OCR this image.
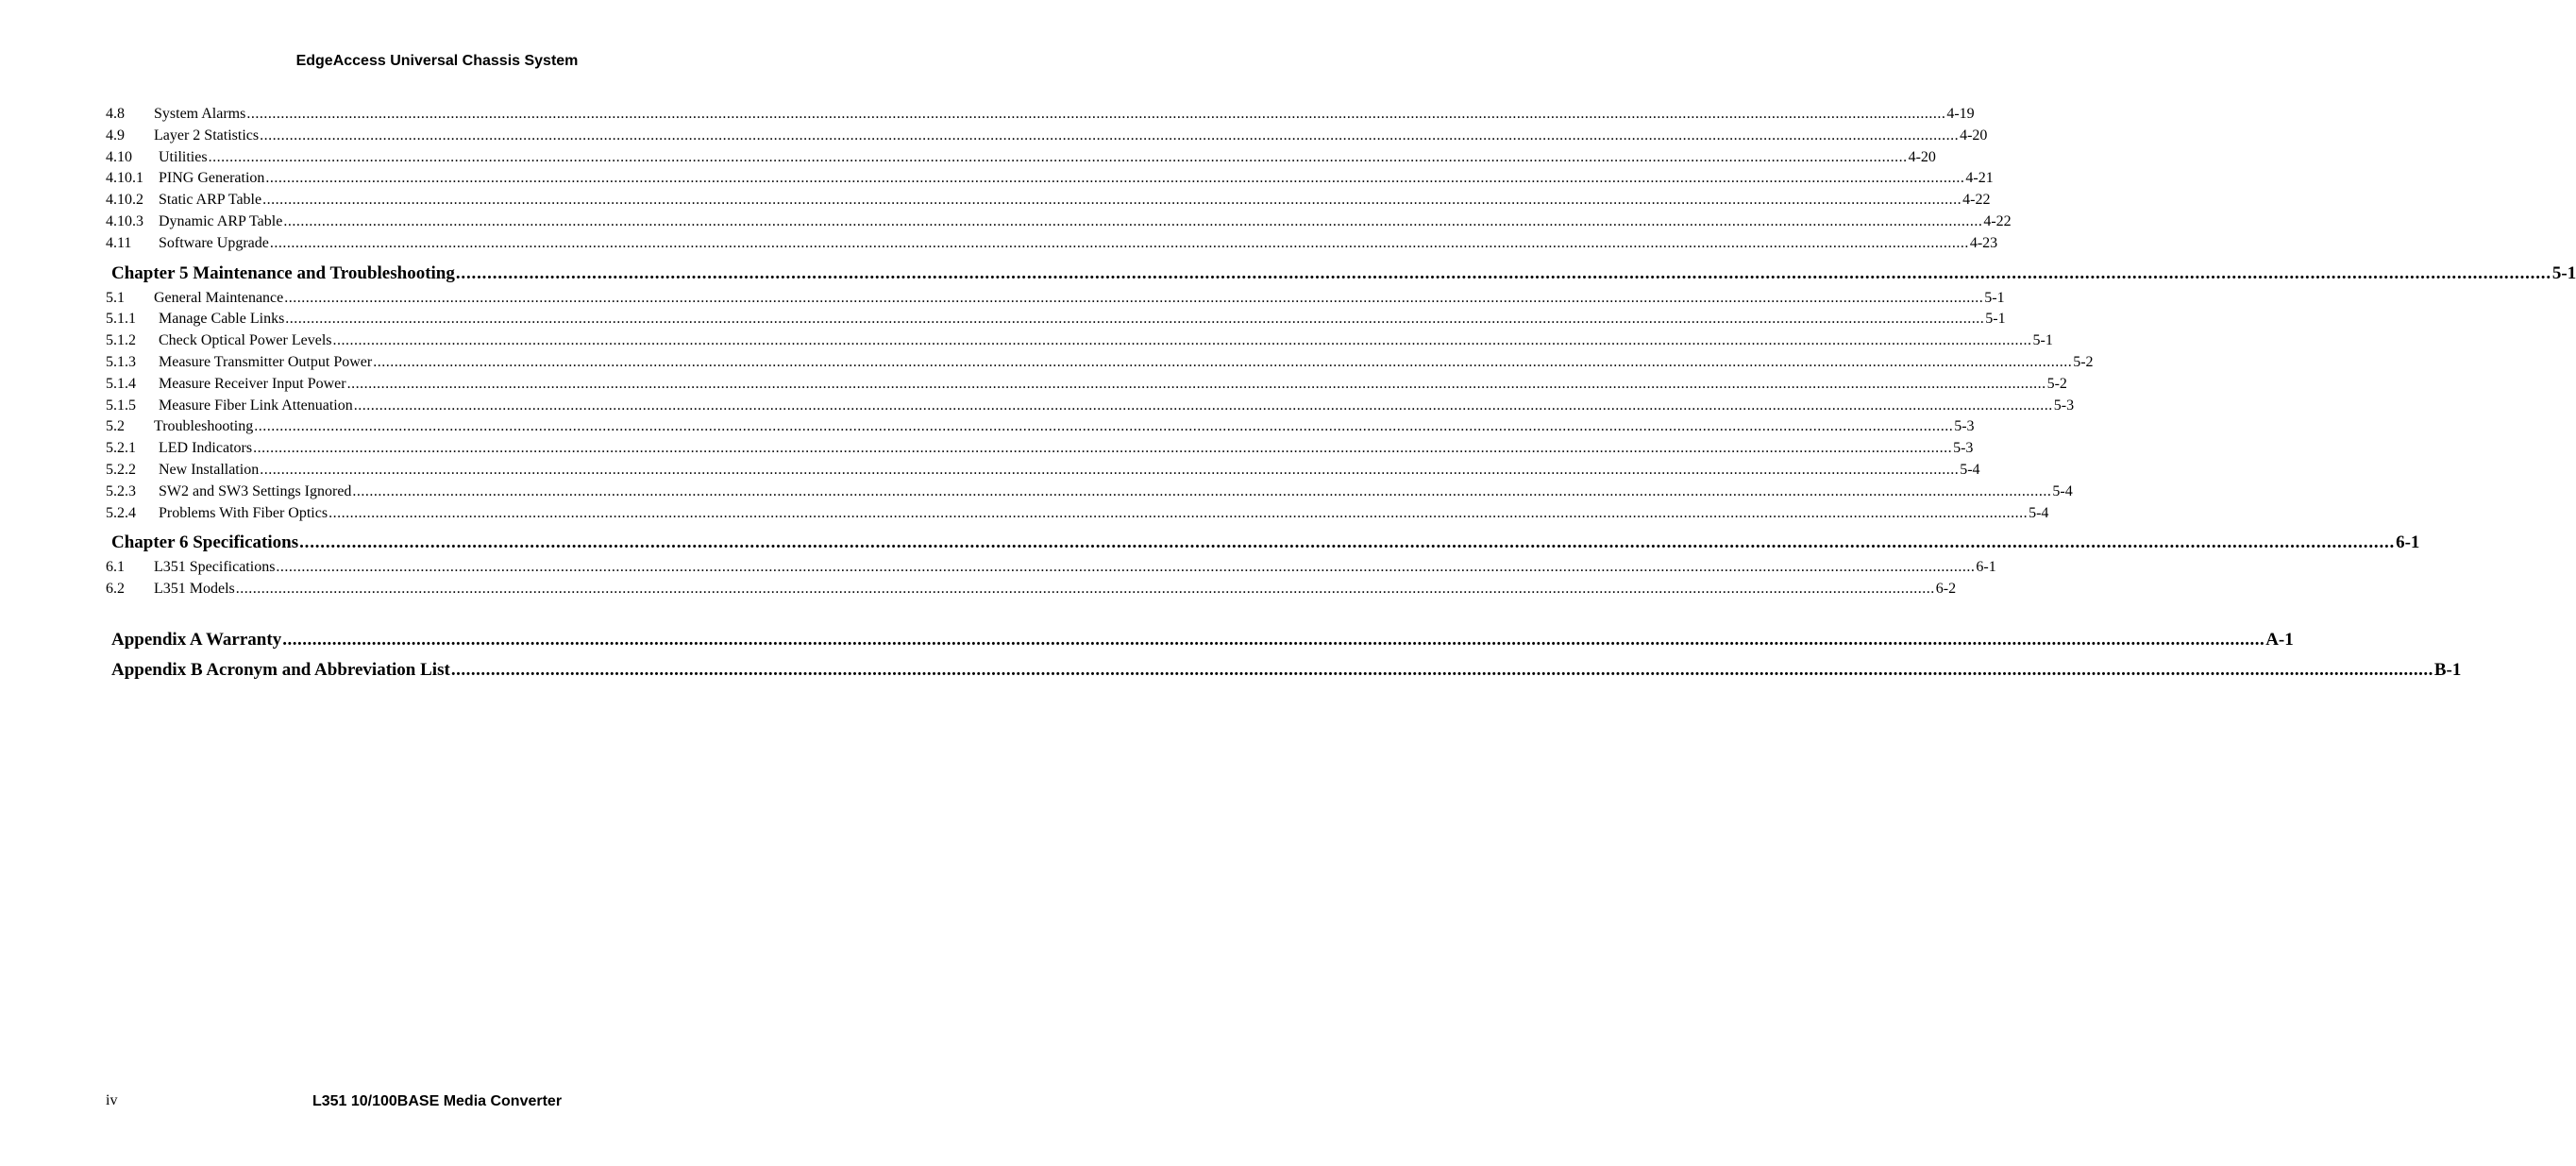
EdgeAccess Universal Chassis System
4.8	System Alarms ................................................................................................................................................................................................................................................................................................................................................................................................................ 4-19
4.9	Layer 2 Statistics ................................................................................................................................................................................................................................................................................................................................................................................................................ 4-20
4.10	Utilities ................................................................................................................................................................................................................................................................................................................................................................................................................ 4-20
4.10.1	PING Generation ................................................................................................................................................................................................................................................................................................................................................................................................................ 4-21
4.10.2	Static ARP Table ................................................................................................................................................................................................................................................................................................................................................................................................................ 4-22
4.10.3	Dynamic ARP Table ................................................................................................................................................................................................................................................................................................................................................................................................................ 4-22
4.11	Software Upgrade ................................................................................................................................................................................................................................................................................................................................................................................................................ 4-23
Chapter 5 Maintenance and Troubleshooting ................................................................................................................................................................................................................................................................................................................................................................................................................ 5-1
5.1	General Maintenance ................................................................................................................................................................................................................................................................................................................................................................................................................ 5-1
5.1.1	Manage Cable Links ................................................................................................................................................................................................................................................................................................................................................................................................................ 5-1
5.1.2	Check Optical Power Levels ................................................................................................................................................................................................................................................................................................................................................................................................................ 5-1
5.1.3	Measure Transmitter Output Power ................................................................................................................................................................................................................................................................................................................................................................................................................ 5-2
5.1.4	Measure Receiver Input Power ................................................................................................................................................................................................................................................................................................................................................................................................................ 5-2
5.1.5	Measure Fiber Link Attenuation ................................................................................................................................................................................................................................................................................................................................................................................................................ 5-3
5.2	Troubleshooting ................................................................................................................................................................................................................................................................................................................................................................................................................ 5-3
5.2.1	LED Indicators ................................................................................................................................................................................................................................................................................................................................................................................................................ 5-3
5.2.2	New Installation ................................................................................................................................................................................................................................................................................................................................................................................................................ 5-4
5.2.3	SW2 and SW3 Settings Ignored ................................................................................................................................................................................................................................................................................................................................................................................................................ 5-4
5.2.4	Problems With Fiber Optics ................................................................................................................................................................................................................................................................................................................................................................................................................ 5-4
Chapter 6 Specifications ................................................................................................................................................................................................................................................................................................................................................................................................................ 6-1
6.1	L351 Specifications ................................................................................................................................................................................................................................................................................................................................................................................................................ 6-1
6.2	L351 Models ................................................................................................................................................................................................................................................................................................................................................................................................................ 6-2
Appendix A Warranty ................................................................................................................................................................................................................................................................................................................................................................................................................ A-1
Appendix B Acronym and Abbreviation List ................................................................................................................................................................................................................................................................................................................................................................................................................ B-1
iv	L351 10/100BASE Media Converter
